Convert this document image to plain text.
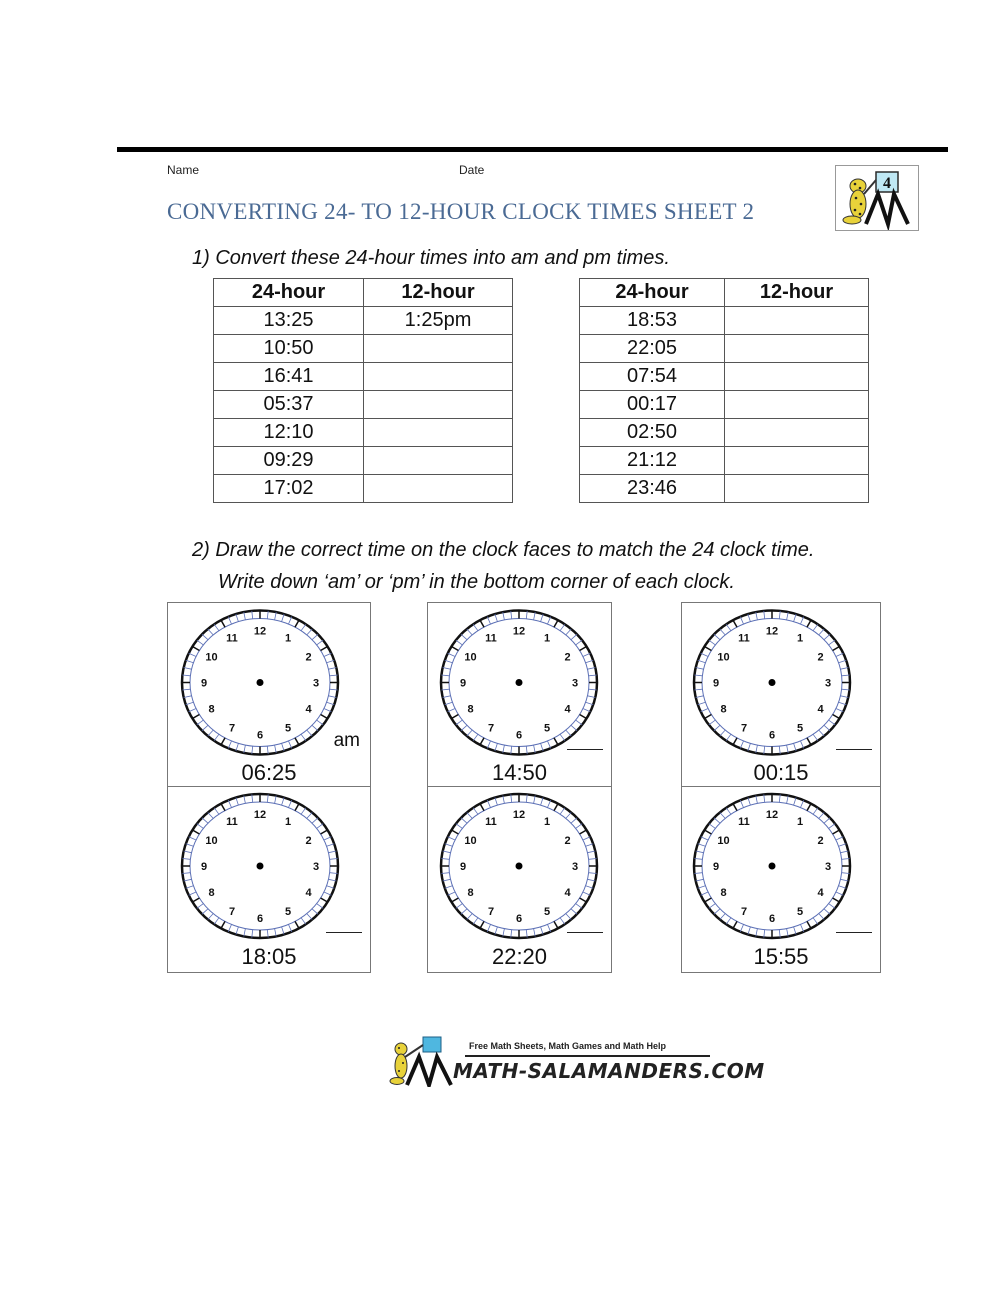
Name	Date
CONVERTING 24- TO 12-HOUR CLOCK TIMES SHEET 2
4
1) Convert these 24-hour times into am and pm times.
24-hour	12-hour
13:25	1:25pm
10:50	
16:41	
05:37	
12:10	
09:29	
17:02	
24-hour	12-hour
18:53	
22:05	
07:54	
00:17	
02:50	
21:12	
23:46	
2) Draw the correct time on the clock faces to match the 24 clock time.
Write down ‘am’ or ‘pm’ in the bottom corner of each clock.
12
1
2
3
4
5
6
7
8
9
10
11
am
06:25
12
1
2
3
4
5
6
7
8
9
10
11
14:50
12
1
2
3
4
5
6
7
8
9
10
11
00:15
12
1
2
3
4
5
6
7
8
9
10
11
18:05
12
1
2
3
4
5
6
7
8
9
10
11
22:20
12
1
2
3
4
5
6
7
8
9
10
11
15:55
Free Math Sheets, Math Games and Math Help
MATH-SALAMANDERS.COM
